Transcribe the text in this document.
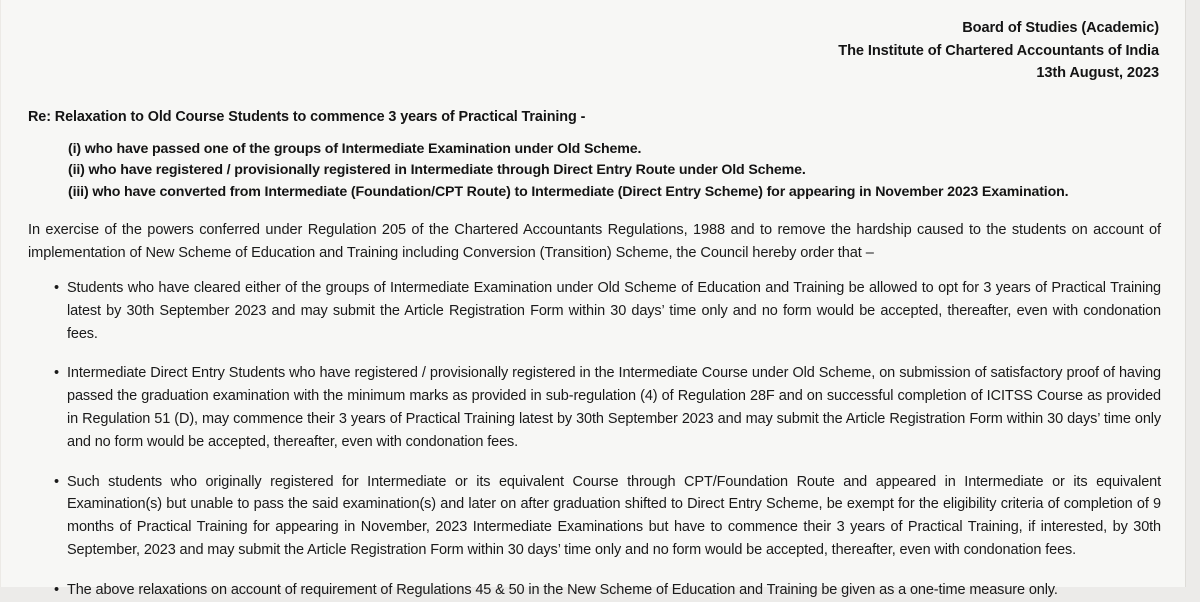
Board of Studies (Academic)
The Institute of Chartered Accountants of India
13th August, 2023
Re: Relaxation to Old Course Students to commence 3 years of Practical Training -
(i) who have passed one of the groups of Intermediate Examination under Old Scheme.
(ii) who have registered / provisionally registered in Intermediate through Direct Entry Route under Old Scheme.
(iii) who have converted from Intermediate (Foundation/CPT Route) to Intermediate (Direct Entry Scheme) for appearing in November 2023 Examination.
In exercise of the powers conferred under Regulation 205 of the Chartered Accountants Regulations, 1988 and to remove the hardship caused to the students on account of implementation of New Scheme of Education and Training including Conversion (Transition) Scheme, the Council hereby order that –
• Students who have cleared either of the groups of Intermediate Examination under Old Scheme of Education and Training be allowed to opt for 3 years of Practical Training latest by 30th September 2023 and may submit the Article Registration Form within 30 days’ time only and no form would be accepted, thereafter, even with condonation fees.
• Intermediate Direct Entry Students who have registered / provisionally registered in the Intermediate Course under Old Scheme, on submission of satisfactory proof of having passed the graduation examination with the minimum marks as provided in sub-regulation (4) of Regulation 28F and on successful completion of ICITSS Course as provided in Regulation 51 (D), may commence their 3 years of Practical Training latest by 30th September 2023 and may submit the Article Registration Form within 30 days’ time only and no form would be accepted, thereafter, even with condonation fees.
• Such students who originally registered for Intermediate or its equivalent Course through CPT/Foundation Route and appeared in Intermediate or its equivalent Examination(s) but unable to pass the said examination(s) and later on after graduation shifted to Direct Entry Scheme, be exempt for the eligibility criteria of completion of 9 months of Practical Training for appearing in November, 2023 Intermediate Examinations but have to commence their 3 years of Practical Training, if interested, by 30th September, 2023 and may submit the Article Registration Form within 30 days’ time only and no form would be accepted, thereafter, even with condonation fees.
• The above relaxations on account of requirement of Regulations 45 & 50 in the New Scheme of Education and Training be given as a one-time measure only.
